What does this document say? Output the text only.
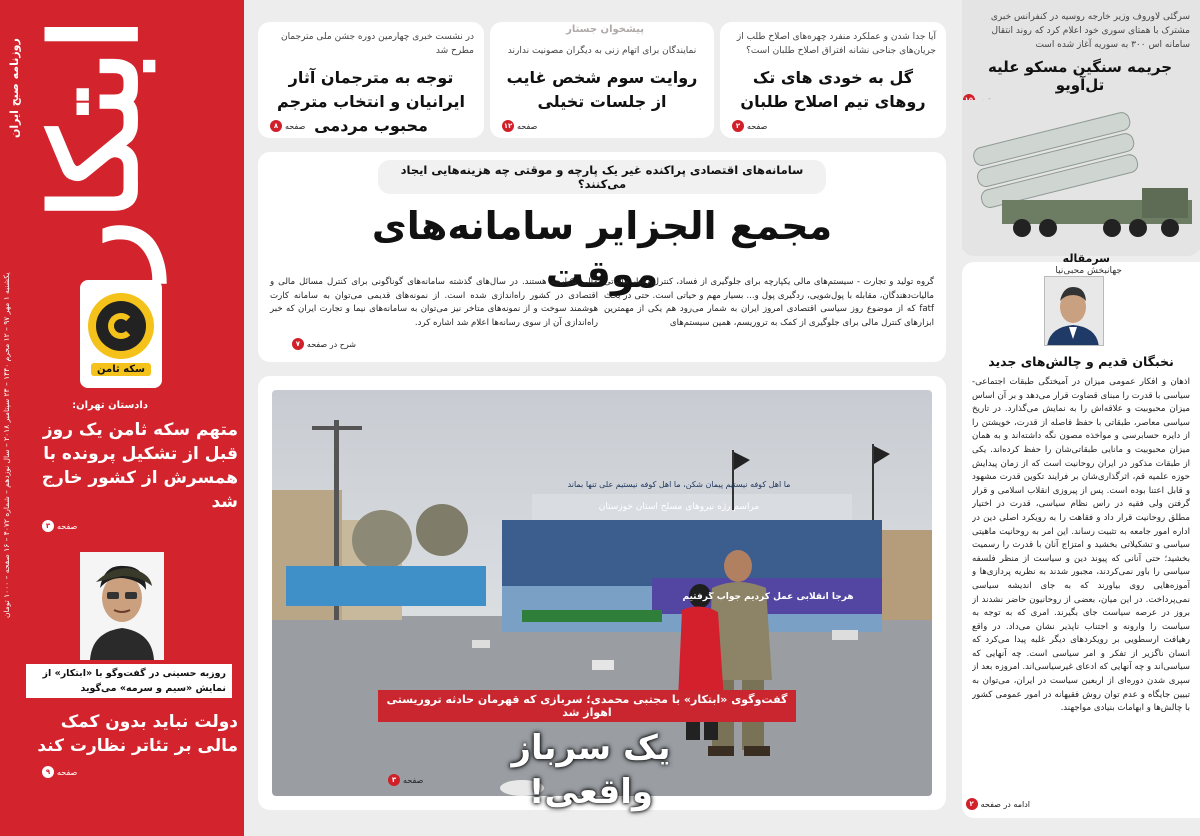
ابتکار
روزنامه صبح ایران
یکشنبه ۱ مهر ۹۷ – ۱۲ محرم ۱۴۴۰ – ۲۳ سپتامبر ۲۰۱۸ – سال نوزدهم – شماره ۴۰۷۲ – ۱۶ صفحه – ۱۰۰۰ تومان
سکه ثامن
دادستان تهران:
متهم سکه ثامن یک روز قبل از تشکیل پرونده با همسرش از کشور خارج شد
صفحه
۳
روزبه حسینی در گفت‌وگو با «ابتکار» از نمایش «سیم و سرمه» می‌گوید
دولت نباید بدون کمک مالی بر تئاتر نظارت کند
صفحه
۹
آیا جدا شدن و عملکرد منفرد چهره‌های اصلاح طلب از جریان‌های جناحی نشانه افتراق اصلاح طلبان است؟
گل به خودی های تک روهای تیم اصلاح طلبان
صفحه
۲
پیشخوان جستار
نمایندگان برای اتهام زنی به دیگران مصونیت ندارند
روایت سوم شخص غایب از جلسات تخیلی
صفحه
۱۲
در نشست خبری چهارمین دوره جشن ملی مترجمان مطرح شد
توجه به مترجمان آثار ایرانیان و انتخاب مترجم محبوب مردمی
صفحه
۸
سامانه‌های اقتصادی پراکنده غیر یک پارچه و موقتی چه هزینه‌هایی ایجاد می‌کنند؟
مجمع الجزایر سامانه‌های موقت
گروه تولید و تجارت - سیستم‌های مالی یکپارچه برای جلوگیری از فساد، کنترل رفتار مالیاتی مالیات‌دهندگان، مقابله با پول‌شویی، ردگیری پول و... بسیار مهم و حیاتی است. حتی در بحث fatf که از موضوع روز سیاسی اقتصادی امروز ایران به شمار می‌رود هم یکی از مهمترین ابزارهای کنترل مالی برای جلوگیری از کمک به تروریسم، همین سیستم‌های
مالی یکپارچه هستند. در سال‌های گذشته سامانه‌های گوناگونی برای کنترل مسائل مالی و اقتصادی در کشور راه‌اندازی شده است. از نمونه‌های قدیمی می‌توان به سامانه کارت هوشمند سوخت و از نمونه‌های متاخر نیز می‌توان به سامانه‌های نیما و تجارت ایران که خبر راه‌اندازی آن از سوی رسانه‌ها اعلام شد اشاره کرد.
شرح در صفحه
۷
ما اهل کوفه نیستیم پیمان شکن، ما اهل کوفه نیستیم علی تنها بماند
مراسم رژه نیروهای مسلح استان خوزستان
هرجا انقلابی عمل کردیم جواب گرفتیم
گفت‌وگوی «ابتکار» با مجتبی محمدی؛ سربازی که قهرمان حادثه تروریستی اهواز شد
یک سرباز واقعی!
صفحه
۳
سرگئی لاوروف وزیر خارجه روسیه در کنفرانس خبری مشترک با همتای سوری خود اعلام کرد که روند انتقال سامانه اس ۳۰۰ به سوریه آغاز شده است
جریمه سنگین مسکو علیه تل‌آویو
سرمقاله
جهانبخش محبی‌نیا
نخبگان قدیم و چالش‌های جدید
اذهان و افکار عمومی میزان در آمیختگی طبقات اجتماعی- سیاسی با قدرت را مبنای قضاوت قرار می‌دهد و بر آن اساس میزان محبوبیت و علاقه‌اش را به نمایش می‌گذارد. در تاریخ سیاسی معاصر، طبقاتی با حفظ فاصله از قدرت، خویشتن را از دایره حسابرسی و مواخذه مصون نگه داشته‌اند و به همان میزان محبوبیت و مانایی طبقاتی‌شان را حفظ کرده‌اند. یکی از طبقات مذکور در ایران روحانیت است که از زمان پیدایش حوزه علمیه قم، اثرگذاری‌شان بر فرایند تکوین قدرت مشهود و قابل اعتنا بوده است. پس از پیروزی انقلاب اسلامی و قرار گرفتن ولی فقیه در راس نظام سیاسی، قدرت در اختیار مطلق روحانیت قرار داد و فقاهت را به رویکرد اصلی دین در اداره امور جامعه به تثبیت رساند. این امر به روحانیت ماهیتی سیاسی و تشکیلاتی بخشید و امتزاج آنان با قدرت را رسمیت بخشید؛ حتی آنانی که پیوند دین و سیاست از منظر فلسفه سیاسی را باور نمی‌کردند، مجبور شدند به نظریه پردازی‌ها و آموزه‌هایی روی بیاورند که به جای اندیشه سیاسی نمی‌پرداخت. در این میان، بعضی از روحانیون حاضر نشدند از بروز در عرصه سیاست جای بگیرند. امری که به توجه به سیاست را وارونه و اجتناب ناپذیر نشان می‌داد. در واقع رهیافت ارسطویی بر رویکردهای دیگر غلبه پیدا می‌کرد که انسان ناگزیر از تفکر و امر سیاسی است. چه آنهایی که سیاسی‌اند و چه آنهایی که ادعای غیرسیاسی‌اند. امروزه بعد از سپری شدن دوره‌ای از اربعین سیاست در ایران، می‌توان به تبیین جایگاه و عدم توان روش فقیهانه در امور عمومی کشور با چالش‌ها و ابهامات بنیادی‌ مواجهند.
ادامه در صفحه
۲
